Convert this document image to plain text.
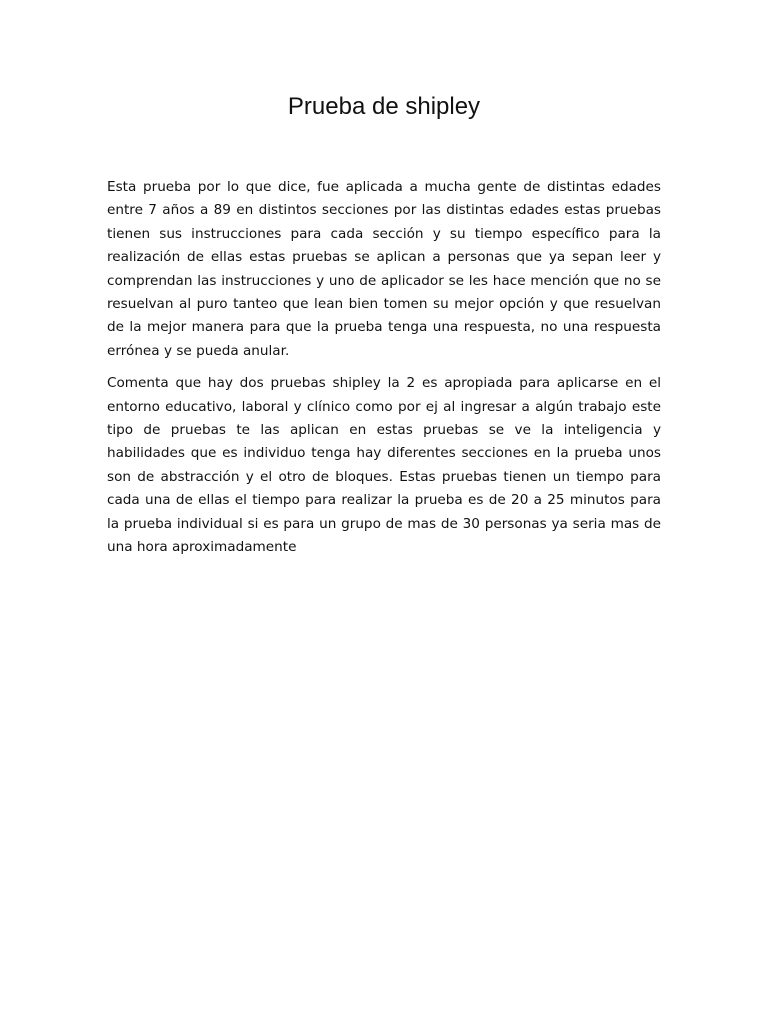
Prueba de shipley

Esta prueba por lo que dice, fue aplicada a mucha gente de distintas edades entre 7 años a 89 en distintos secciones por las distintas edades estas pruebas tienen sus instrucciones para cada sección y su tiempo específico para la realización de ellas estas pruebas se aplican a personas que ya sepan leer y comprendan las instrucciones y uno de aplicador se les hace mención que no se resuelvan al puro tanteo que lean bien tomen su mejor opción y que resuelvan de la mejor manera para que la prueba tenga una respuesta, no una respuesta errónea y se pueda anular.

Comenta que hay dos pruebas shipley la 2 es apropiada para aplicarse en el entorno educativo, laboral y clínico como por ej al ingresar a algún trabajo este tipo de pruebas te las aplican en estas pruebas se ve la inteligencia y habilidades que es individuo tenga hay diferentes secciones en la prueba unos son de abstracción y el otro de bloques. Estas pruebas tienen un tiempo para cada una de ellas el tiempo para realizar la prueba es de 20 a 25 minutos para la prueba individual si es para un grupo de mas de 30 personas ya seria mas de una hora aproximadamente
